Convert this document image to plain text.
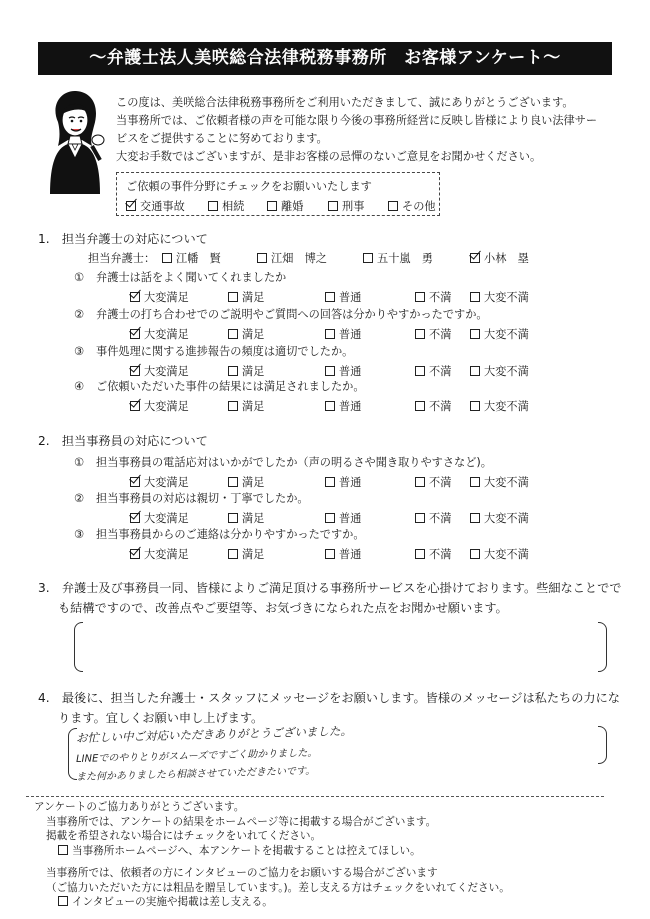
～弁護士法人美咲総合法律税務事務所　お客様アンケート～
この度は、美咲総合法律税務事務所をご利用いただきまして、誠にありがとうございます。
当事務所では、ご依頼者様の声を可能な限り今後の事務所経営に反映し皆様により良い法律サー
ビスをご提供することに努めております。
大変お手数ではございますが、是非お客様の忌憚のないご意見をお聞かせください。
ご依頼の事件分野にチェックをお願いいたします
交通事故	相続	離婚	刑事	その他
1.　担当弁護士の対応について
担当弁護士：	江幡　賢	江畑　博之	五十嵐　勇	小林　塁
① 弁護士は話をよく聞いてくれましたか
大変満足	満足	普通	不満	大変不満
② 弁護士の打ち合わせでのご説明やご質問への回答は分かりやすかったですか。
大変満足	満足	普通	不満	大変不満
③ 事件処理に関する進捗報告の頻度は適切でしたか。
大変満足	満足	普通	不満	大変不満
④ ご依頼いただいた事件の結果には満足されましたか。
大変満足	満足	普通	不満	大変不満
① 担当事務員の電話応対はいかがでしたか（声の明るさや聞き取りやすさなど)。
大変満足	満足	普通	不満	大変不満
② 担当事務員の対応は親切・丁寧でしたか。
大変満足	満足	普通	不満	大変不満
③ 担当事務員からのご連絡は分かりやすかったですか。
大変満足	満足	普通	不満	大変不満
2.　担当事務員の対応について
3.　弁護士及び事務員一同、皆様によりご満足頂ける事務所サービスを心掛けております。些細なことでで
も結構ですので、改善点やご要望等、お気づきになられた点をお聞かせ願います。
4.　最後に、担当した弁護士・スタッフにメッセージをお願いします。皆様のメッセージは私たちの力にな
ります。宜しくお願い申し上げます。
お忙しい中ご対応いただきありがとうございました。
LINEでのやりとりがスムーズですごく助かりました。
また何かありましたら相談させていただきたいです。
アンケートのご協力ありがとうございます。
当事務所では、アンケートの結果をホームページ等に掲載する場合がございます。
掲載を希望されない場合にはチェックをいれてください。
当事務所ホームページへ、本アンケートを掲載することは控えてほしい。
当事務所では、依頼者の方にインタビューのご協力をお願いする場合がございます
（ご協力いただいた方には粗品を贈呈しています。)。差し支える方はチェックをいれてください。
インタビューの実施や掲載は差し支える。
